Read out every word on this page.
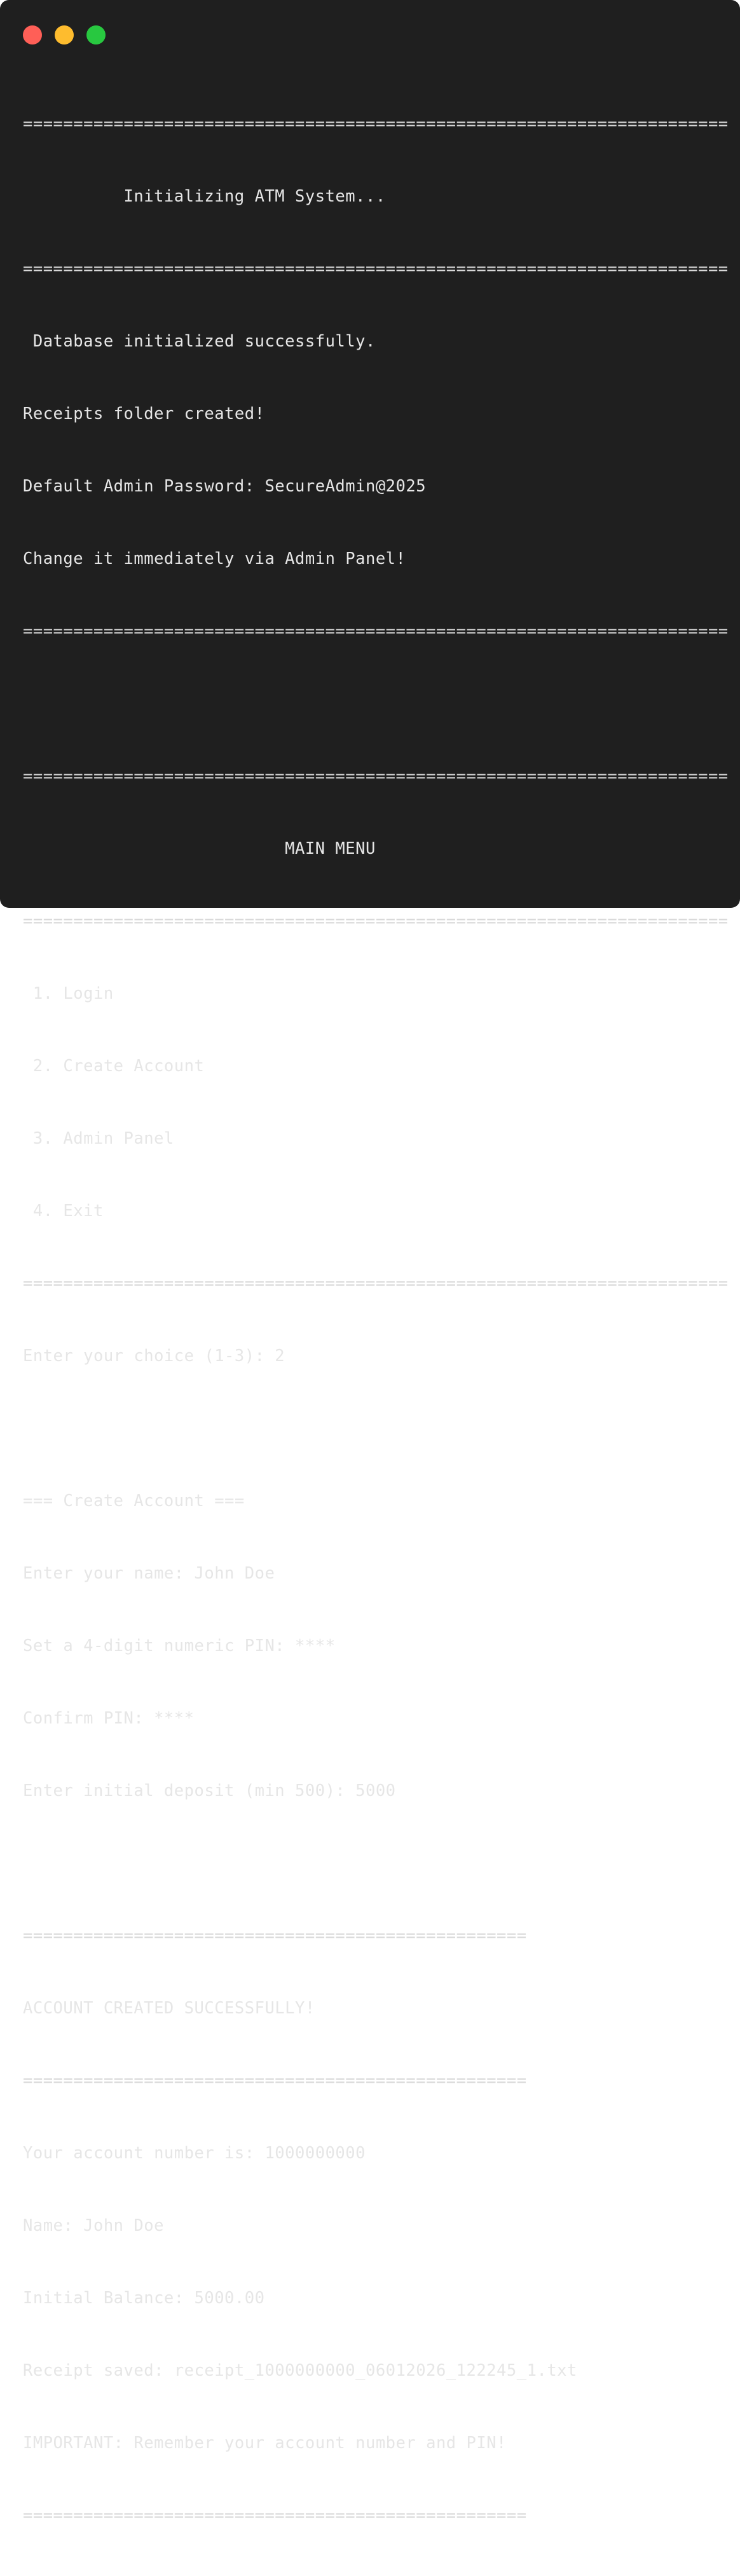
======================================================================

Initializing ATM System...

======================================================================

Database initialized successfully.

Receipts folder created!

Default Admin Password: SecureAdmin@2025

Change it immediately via Admin Panel!

======================================================================

======================================================================

MAIN MENU

======================================================================

1. Login

2. Create Account

3. Admin Panel

4. Exit

======================================================================

Enter your choice (1-3): 2

=== Create Account ===

Enter your name: John Doe

Set a 4-digit numeric PIN: ****

Confirm PIN: ****

Enter initial deposit (min 500): 5000

==================================================

ACCOUNT CREATED SUCCESSFULLY!

==================================================

Your account number is: 1000000000

Name: John Doe

Initial Balance: 5000.00

Receipt saved: receipt_1000000000_06012026_122245_1.txt

IMPORTANT: Remember your account number and PIN!

==================================================
